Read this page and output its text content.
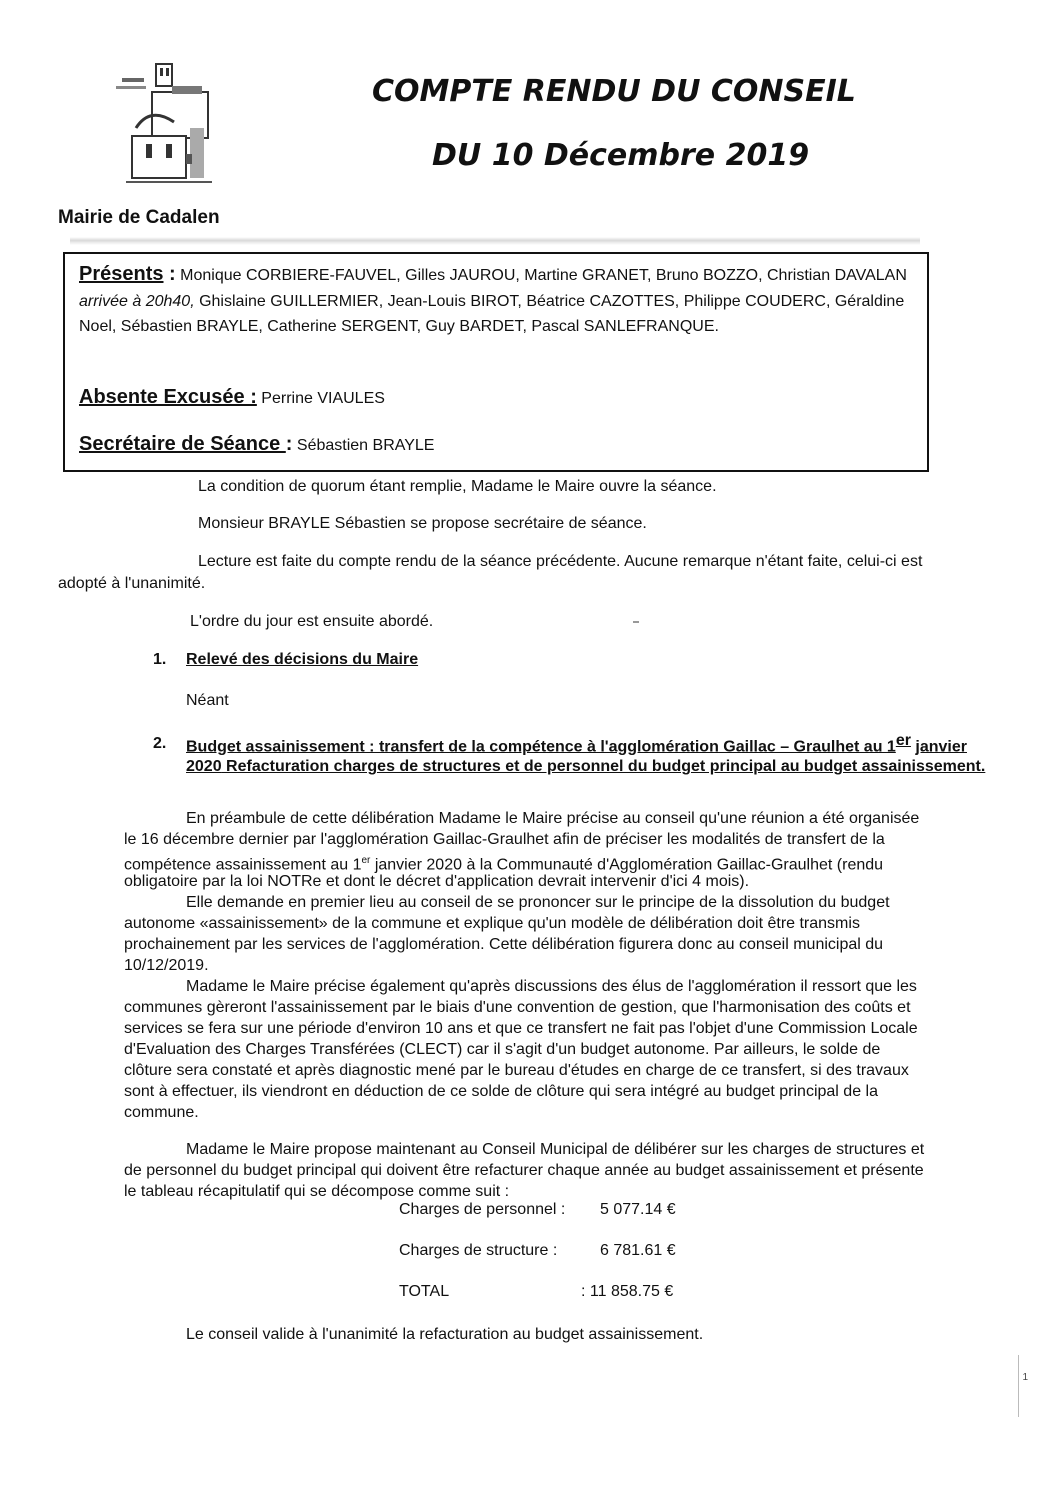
COMPTE RENDU DU CONSEIL
DU 10 Décembre 2019
Mairie de Cadalen

Présents : Monique CORBIERE-FAUVEL, Gilles JAUROU, Martine GRANET, Bruno BOZZO, Christian DAVALAN arrivée à 20h40, Ghislaine GUILLERMIER, Jean-Louis BIROT, Béatrice CAZOTTES, Philippe COUDERC, Géraldine Noel, Sébastien BRAYLE, Catherine SERGENT, Guy BARDET, Pascal SANLEFRANQUE.

Absente Excusée : Perrine VIAULES
Secrétaire de Séance : Sébastien BRAYLE
La condition de quorum étant remplie, Madame le Maire ouvre la séance.
Monsieur BRAYLE Sébastien se propose secrétaire de séance.
Lecture est faite du compte rendu de la séance précédente. Aucune remarque n'étant faite, celui-ci est
adopté à l'unanimité.
L'ordre du jour est ensuite abordé.
1. Relevé des décisions du Maire
Néant
2. Budget assainissement : transfert de la compétence à l'agglomération Gaillac – Graulhet au 1er janvier 2020 Refacturation charges de structures et de personnel du budget principal au budget assainissement.
En préambule de cette délibération Madame le Maire précise au conseil qu'une réunion a été organisée
le 16 décembre dernier par l'agglomération Gaillac-Graulhet afin de préciser les modalités de transfert de la
compétence assainissement au 1er janvier 2020 à la Communauté d'Agglomération Gaillac-Graulhet (rendu
obligatoire par la loi NOTRe et dont le décret d'application devrait intervenir d'ici 4 mois).
Elle demande en premier lieu au conseil de se prononcer sur le principe de la dissolution du budget
autonome «assainissement» de la commune et explique qu'un modèle de délibération doit être transmis
prochainement par les services de l'agglomération. Cette délibération figurera donc au conseil municipal du
10/12/2019.
Madame le Maire précise également qu'après discussions des élus de l'agglomération il ressort que les
communes gèreront l'assainissement par le biais d'une convention de gestion, que l'harmonisation des coûts et
services se fera sur une période d'environ 10 ans et que ce transfert ne fait pas l'objet d'une Commission Locale
d'Evaluation des Charges Transférées (CLECT) car il s'agit d'un budget autonome. Par ailleurs, le solde de
clôture sera constaté et après diagnostic mené par le bureau d'études en charge de ce transfert, si des travaux
sont à effectuer, ils viendront en déduction de ce solde de clôture qui sera intégré au budget principal de la
commune.
Madame le Maire propose maintenant au Conseil Municipal de délibérer sur les charges de structures et
de personnel du budget principal qui doivent être refacturer chaque année au budget assainissement et présente
le tableau récapitulatif qui se décompose comme suit :
Charges de personnel : 5 077.14 €
Charges de structure :	6 781.61 €
TOTAL	: 11 858.75 €
Le conseil valide à l'unanimité la refacturation au budget assainissement.
1
